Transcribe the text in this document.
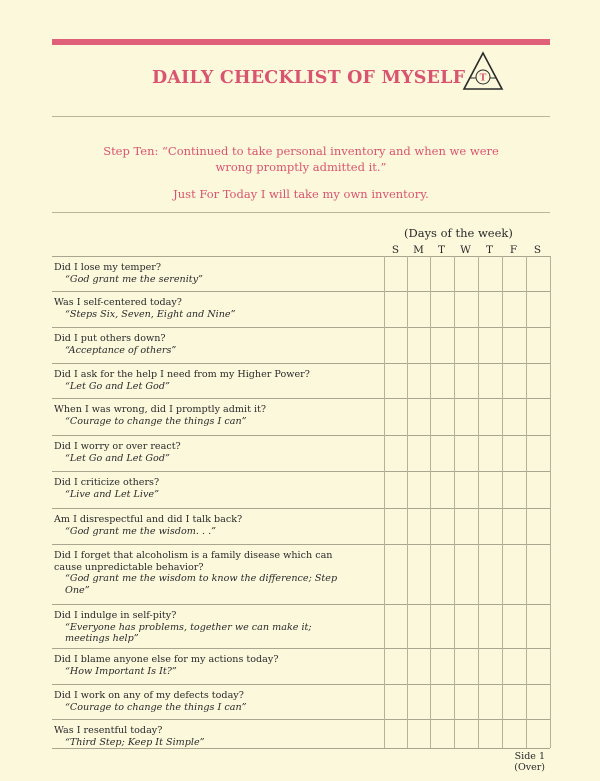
DAILY CHECKLIST OF MYSELF T
Step Ten: “Continued to take personal inventory and when we were wrong promptly admitted it.”
Just For Today I will take my own inventory.
(Days of the week)
S	M	T	W	T	F	S
Did I lose my temper?
“God grant me the serenity”
Was I self-centered today?
“Steps Six, Seven, Eight and Nine”
Did I put others down?
“Acceptance of others”
Did I ask for the help I need from my Higher Power?
“Let Go and Let God”
When I was wrong, did I promptly admit it?
“Courage to change the things I can”
Did I worry or over react?
“Let Go and Let God”
Did I criticize others?
“Live and Let Live”
Am I disrespectful and did I talk back?
“God grant me the wisdom. . .”
Did I forget that alcoholism is a family disease which can cause unpredictable behavior?
“God grant me the wisdom to know the difference; Step One”
Did I indulge in self-pity?
“Everyone has problems, together we can make it; meetings help”
Did I blame anyone else for my actions today?
“How Important Is It?”
Did I work on any of my defects today?
“Courage to change the things I can”
Was I resentful today?
“Third Step; Keep It Simple”
Side 1
(Over)
